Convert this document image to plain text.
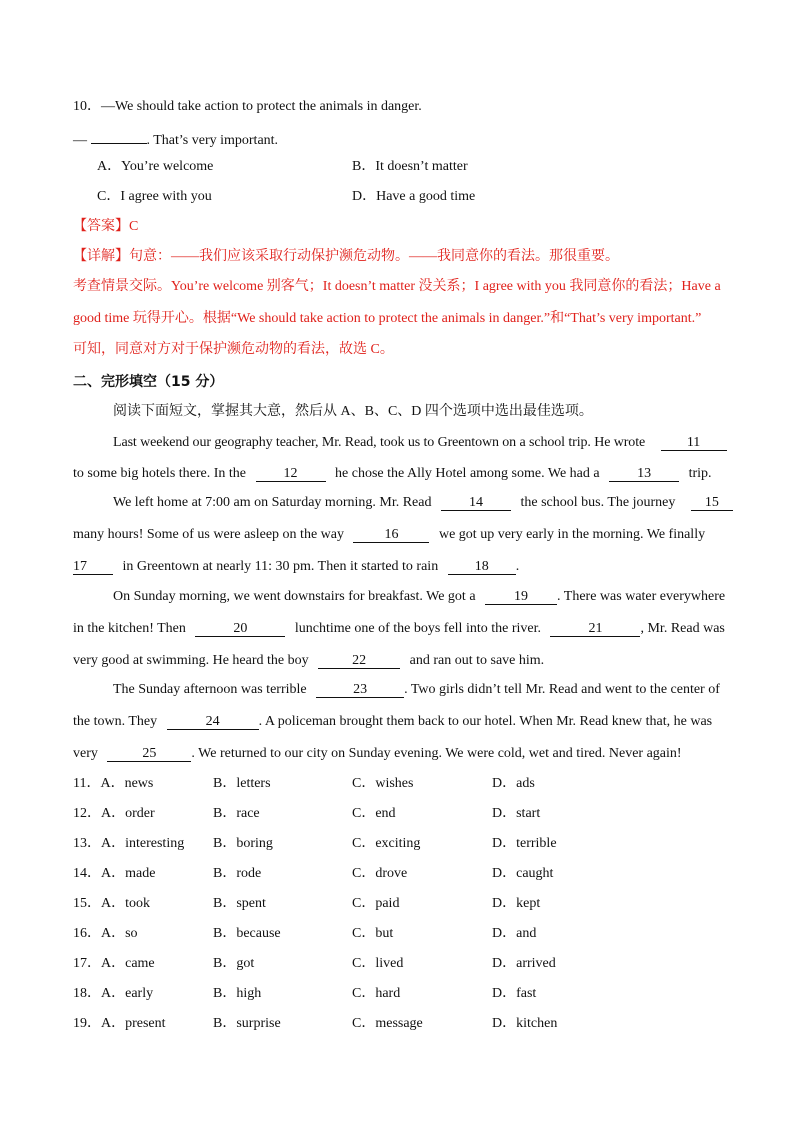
10．—We should take action to protect the animals in danger.
—	. That’s very important.
A．You’re welcome	B．It doesn’t matter
C．I agree with you	D．Have a good time
【答案】C
【详解】句意：——我们应该采取行动保护濒危动物。——我同意你的看法。那很重要。
考查情景交际。You’re welcome 别客气；It doesn’t matter 没关系；I agree with you 我同意你的看法；Have a
good time 玩得开心。根据“We should take action to protect the animals in danger.”和“That’s very important.”
可知，同意对方对于保护濒危动物的看法，故选 C。
二、完形填空（15 分）
阅读下面短文，掌握其大意，然后从 A、B、C、D 四个选项中选出最佳选项。
Last weekend our geography teacher, Mr. Read, took us to Greentown on a school trip. He wrote	11
to some big hotels there. In the	12	he chose the Ally Hotel among some. We had a	13	trip.
We left home at 7:00 am on Saturday morning. Mr. Read	14	the school bus. The journey 15
many hours! Some of us were asleep on the way	16	we got up very early in the morning. We finally
17	in Greentown at nearly 11: 30 pm. Then it started to rain	18 .
On Sunday morning, we went downstairs for breakfast. We got a	19 . There was water everywhere
in the kitchen! Then	20	lunchtime one of the boys fell into the river.	21	, Mr. Read was
very good at swimming. He heard the boy	22	and ran out to save him.
The Sunday afternoon was terrible	23	. Two girls didn’t tell Mr. Read and went to the center of
the town. They	24	. A policeman brought them back to our hotel. When Mr. Read knew that, he was
very	25	. We returned to our city on Sunday evening. We were cold, wet and tired. Never again!
11．A．news	B．letters	C．wishes	D．ads
12．A．order	B．race	C．end	D．start
13．A．interesting B．boring	C．exciting	D．terrible
14．A．made	B．rode	C．drove	D．caught
15．A．took	B．spent	C．paid	D．kept
16．A．so	B．because	C．but	D．and
17．A．came	B．got	C．lived	D．arrived
18．A．early	B．high	C．hard	D．fast
19．A．present	B．surprise	C．message	D．kitchen
